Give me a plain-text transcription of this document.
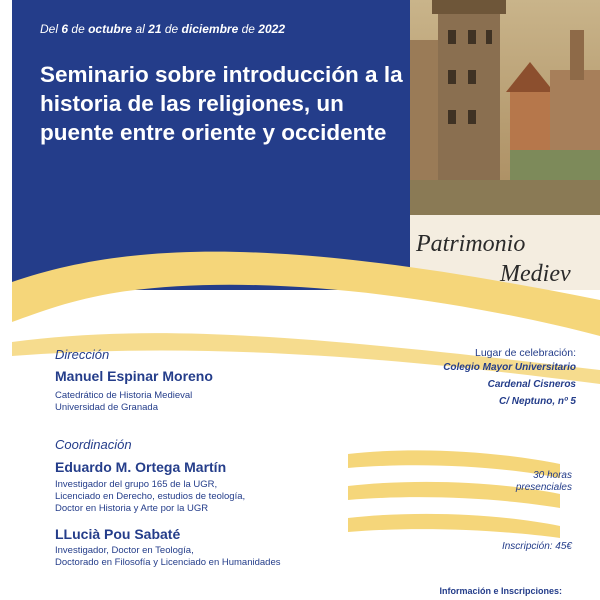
Patrimonio
Mediev
Del 6 de octubre al 21 de diciembre de 2022
Seminario sobre introducción a la historia de las religiones, un puente entre oriente y occidente
Dirección
Manuel Espinar Moreno
Catedrático de Historia Medieval
Universidad de Granada
Coordinación
Eduardo M. Ortega Martín
Investigador del grupo 165 de la UGR,
Licenciado en Derecho, estudios de teología,
Doctor en Historia y Arte por la UGR
LLucià Pou Sabaté
Investigador, Doctor en Teología,
Doctorado en Filosofía y Licenciado en Humanidades
Lugar de celebración:
Colegio Mayor Universitario
Cardenal Cisneros
C/ Neptuno, nº 5
30 horas
presenciales
Inscripción: 45€
Información e Inscripciones:
